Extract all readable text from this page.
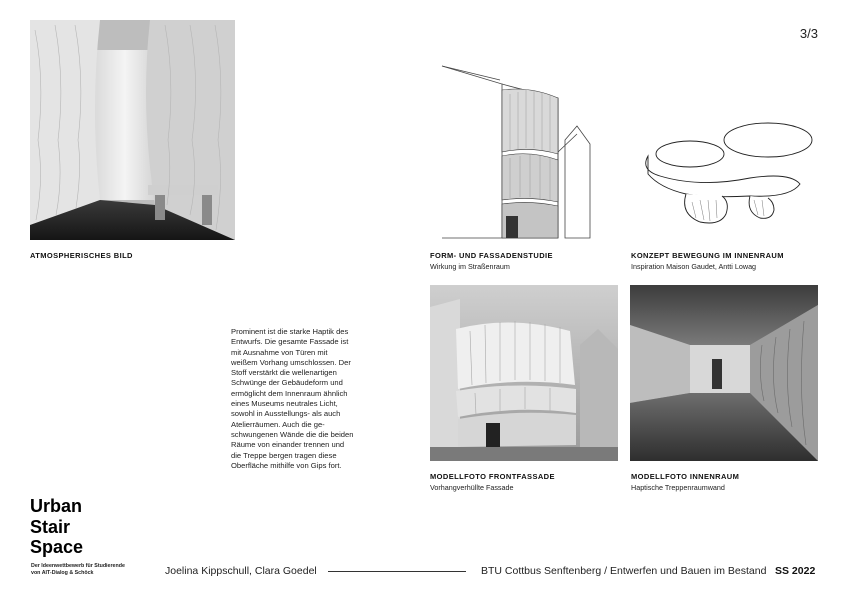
3/3
ATMOSPHERISCHES BILD	FORM- UND FASSADENSTUDIE
Wirkung im Straßenraum
KONZEPT BEWEGUNG IM INNENRAUM
Inspiration Maison Gaudet, Antti Lowag
Prominent ist die starke Haptik des Entwurfs. Die gesamte Fassade ist mit Ausnahme von Türen mit weißem Vorhang umschlossen. Der Stoff verstärkt die wellenartigen Schwünge der Gebäudeform und ermöglicht dem Innenraum ähnlich eines Museums neutrales Licht, sowohl in Ausstellungs- als auch Atelierräumen. Auch die ge-schwungenen Wände die die beiden Räume von einander trennen und die Treppe bergen tragen diese Oberfläche mithilfe von Gips fort.
MODELLFOTO FRONTFASSADE
Vorhangverhüllte Fassade
MODELLFOTO INNENRAUM
Haptische Treppenraumwand
Urban
Stair
Space
Der Ideenwettbewerb für Studierende
von AIT-Dialog & Schöck	Joelina Kippschull, Clara Goedel	BTU Cottbus Senftenberg / Entwerfen und Bauen im Bestand SS 2022
